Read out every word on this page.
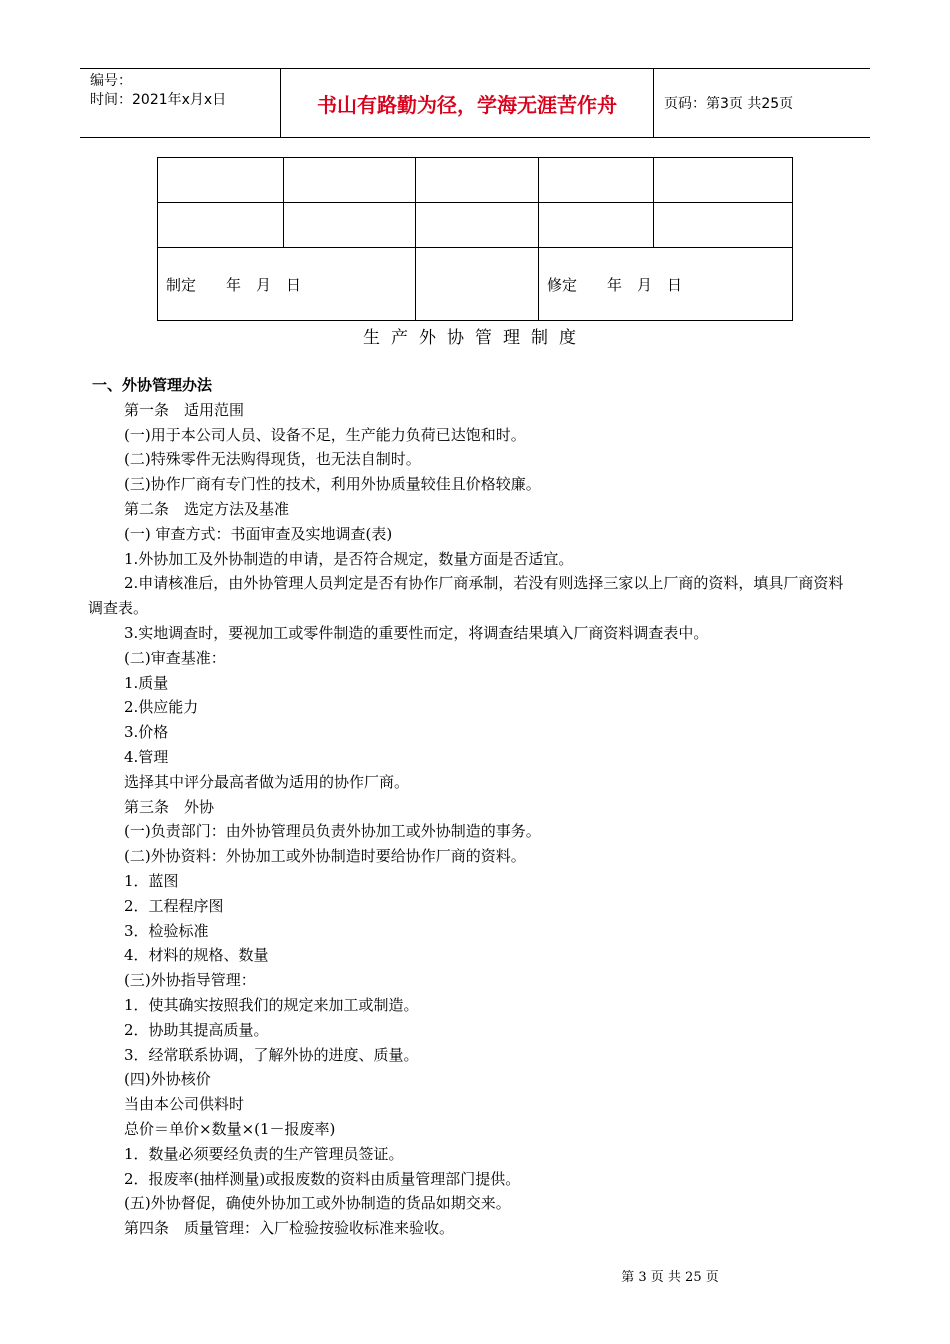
编号：
时间：2021年x月x日	书山有路勤为径，学海无涯苦作舟	页码：第3页 共25页

制定　　年　月　日			修定　　年　月　日	
生产外协管理制度
一、外协管理办法
第一条　适用范围
(一)用于本公司人员、设备不足，生产能力负荷已达饱和时。
(二)特殊零件无法购得现货，也无法自制时。
(三)协作厂商有专门性的技术，利用外协质量较佳且价格较廉。
第二条　选定方法及基准
(一) 审查方式：书面审查及实地调查(表)
1.外协加工及外协制造的申请，是否符合规定，数量方面是否适宜。
2.申请核准后，由外协管理人员判定是否有协作厂商承制，若没有则选择三家以上厂商的资料，填具厂商资料调查表。
3.实地调查时，要视加工或零件制造的重要性而定，将调查结果填入厂商资料调查表中。
(二)审查基准：
1.质量
2.供应能力
3.价格
4.管理
选择其中评分最高者做为适用的协作厂商。
第三条　外协
(一)负责部门：由外协管理员负责外协加工或外协制造的事务。
(二)外协资料：外协加工或外协制造时要给协作厂商的资料。
1．蓝图
2．工程程序图
3．检验标准
4．材料的规格、数量
(三)外协指导管理：
1．使其确实按照我们的规定来加工或制造。
2．协助其提高质量。
3．经常联系协调，了解外协的进度、质量。
(四)外协核价
当由本公司供料时
总价＝单价×数量×(1－报废率)
1．数量必须要经负责的生产管理员签证。
2．报废率(抽样测量)或报废数的资料由质量管理部门提供。
(五)外协督促，确使外协加工或外协制造的货品如期交来。
第四条　质量管理：入厂检验按验收标准来验收。
第 3 页 共 25 页
